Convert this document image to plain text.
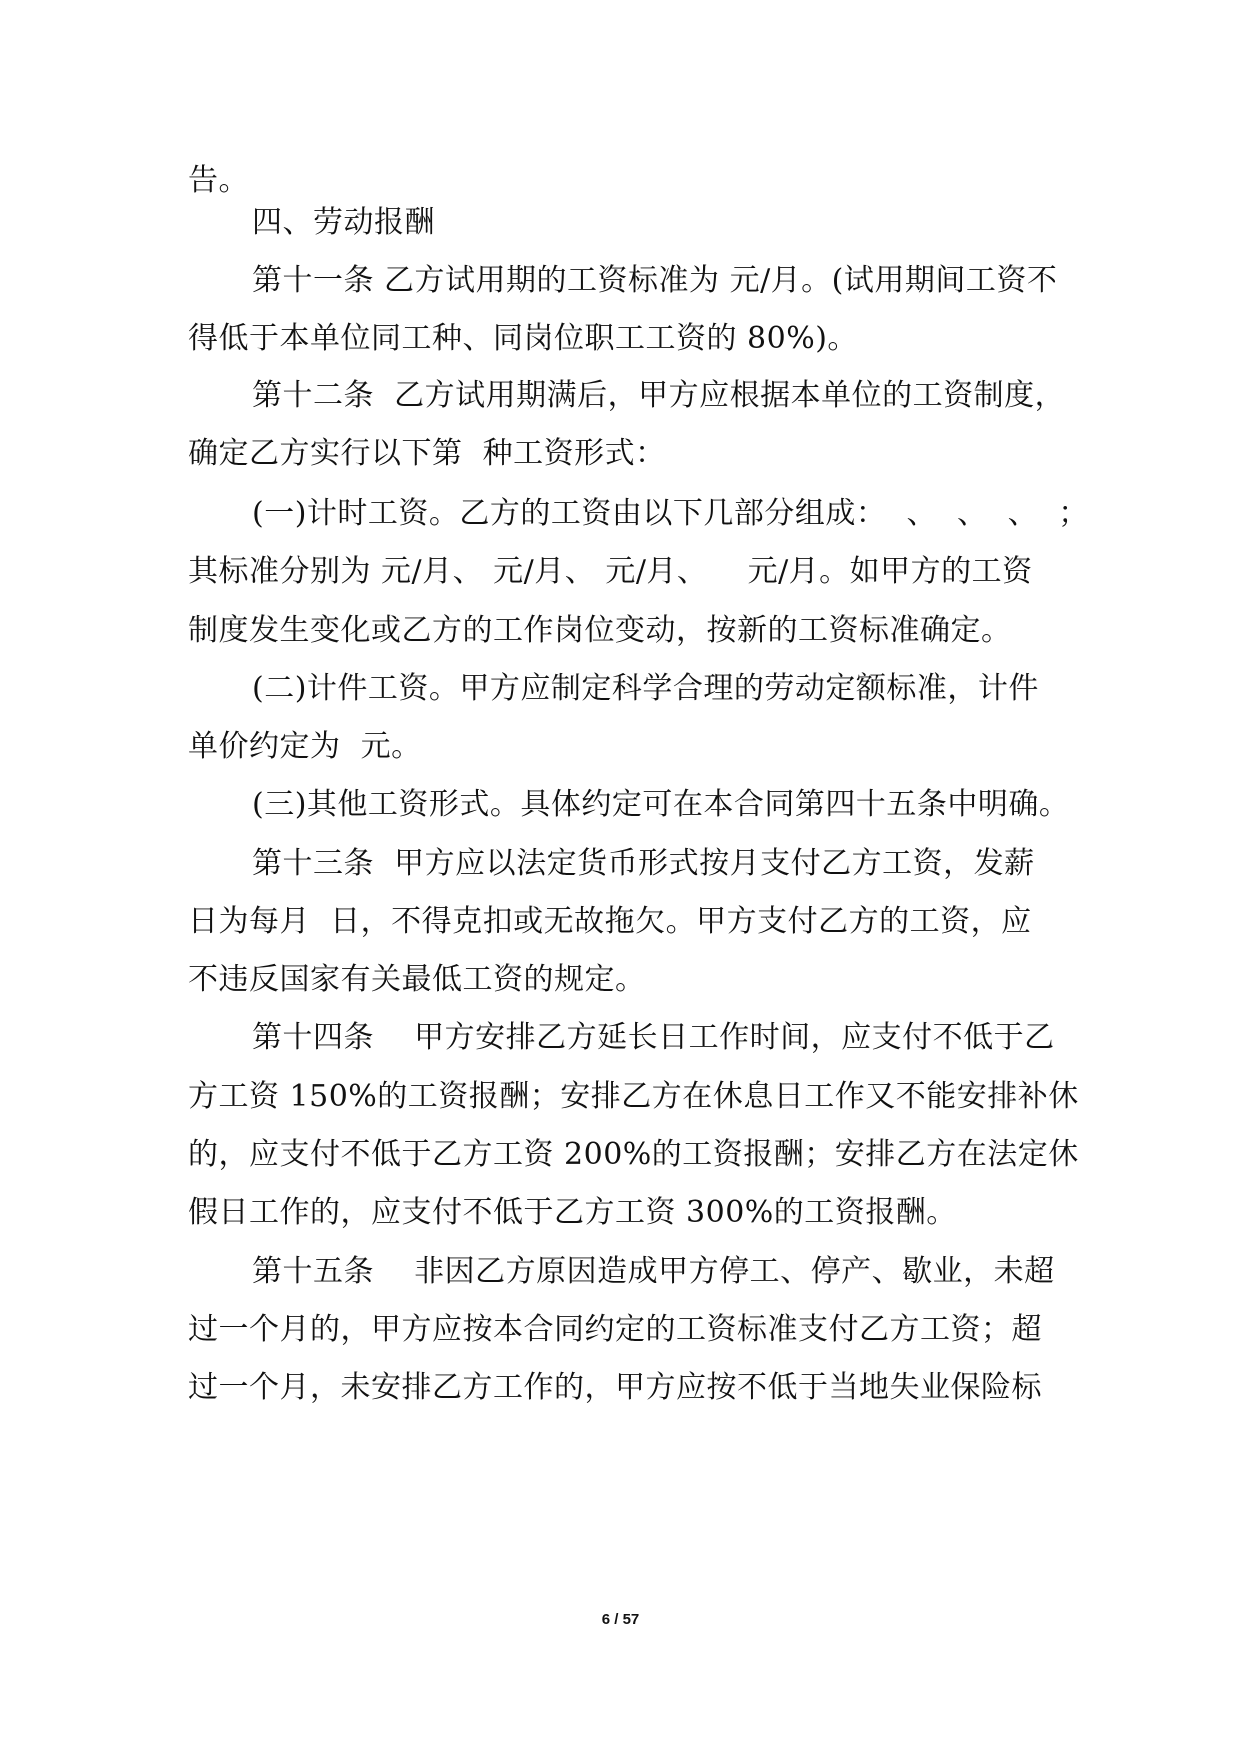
告。
四、劳动报酬
第十一条 乙方试用期的工资标准为 元/月。(试用期间工资不
得低于本单位同工种、同岗位职工工资的 80%)。
第十二条  乙方试用期满后，甲方应根据本单位的工资制度，
确定乙方实行以下第  种工资形式：
(一)计时工资。乙方的工资由以下几部分组成：  、  、  、  ；
其标准分别为 元/月、 元/月、 元/月、    元/月。如甲方的工资
制度发生变化或乙方的工作岗位变动，按新的工资标准确定。
(二)计件工资。甲方应制定科学合理的劳动定额标准，计件
单价约定为  元。
(三)其他工资形式。具体约定可在本合同第四十五条中明确。
第十三条  甲方应以法定货币形式按月支付乙方工资，发薪
日为每月  日，不得克扣或无故拖欠。甲方支付乙方的工资，应
不违反国家有关最低工资的规定。
第十四条    甲方安排乙方延长日工作时间，应支付不低于乙
方工资 150%的工资报酬；安排乙方在休息日工作又不能安排补休
的，应支付不低于乙方工资 200%的工资报酬；安排乙方在法定休
假日工作的，应支付不低于乙方工资 300%的工资报酬。
第十五条    非因乙方原因造成甲方停工、停产、歇业，未超
过一个月的，甲方应按本合同约定的工资标准支付乙方工资；超
过一个月，未安排乙方工作的，甲方应按不低于当地失业保险标
6 / 57
